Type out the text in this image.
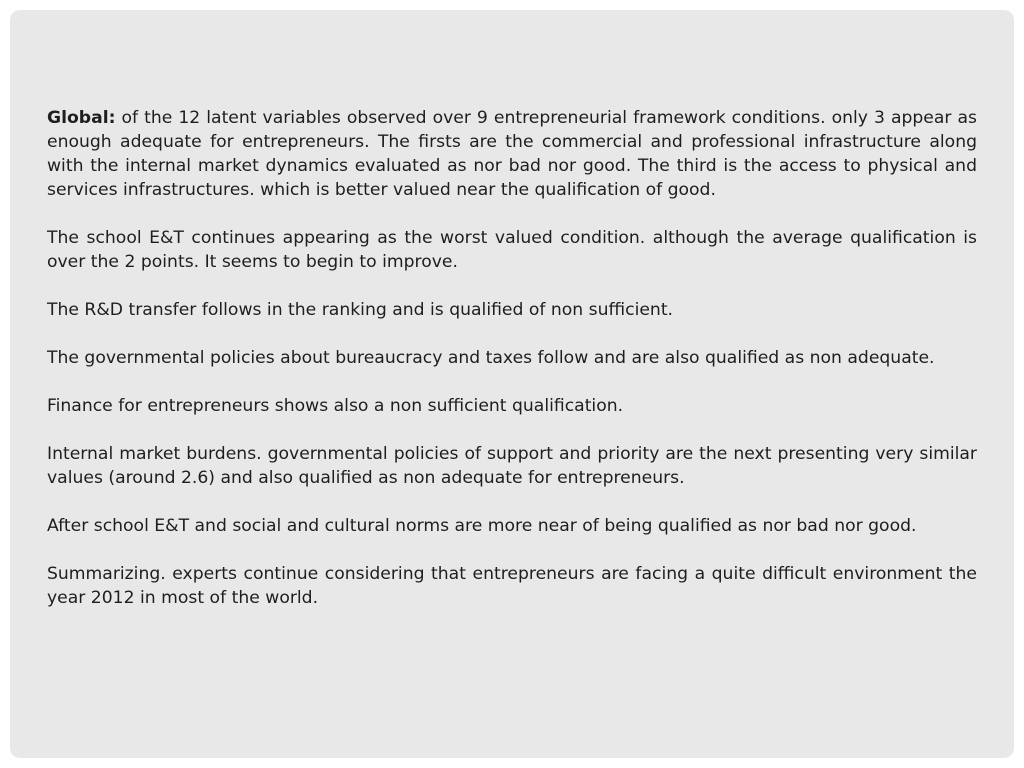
Global: of the 12 latent variables observed over 9 entrepreneurial framework conditions. only 3 appear as enough adequate for entrepreneurs. The firsts are the commercial and professional infrastructure along with the internal market dynamics evaluated as nor bad nor good. The third is the access to physical and services infrastructures. which is better valued near the qualification of good.

The school E&T continues appearing as the worst valued condition. although the average qualification is over the 2 points. It seems to begin to improve.

The R&D transfer follows in the ranking and is qualified of non sufficient.

The governmental policies about bureaucracy and taxes follow and are also qualified as non adequate.

Finance for entrepreneurs shows also a non sufficient qualification.

Internal market burdens. governmental policies of support and priority are the next presenting very similar values (around 2.6) and also qualified as non adequate for entrepreneurs.

After school E&T and social and cultural norms are more near of being qualified as nor bad nor good.

Summarizing. experts continue considering that entrepreneurs are facing a quite difficult environment the year 2012 in most of the world.
